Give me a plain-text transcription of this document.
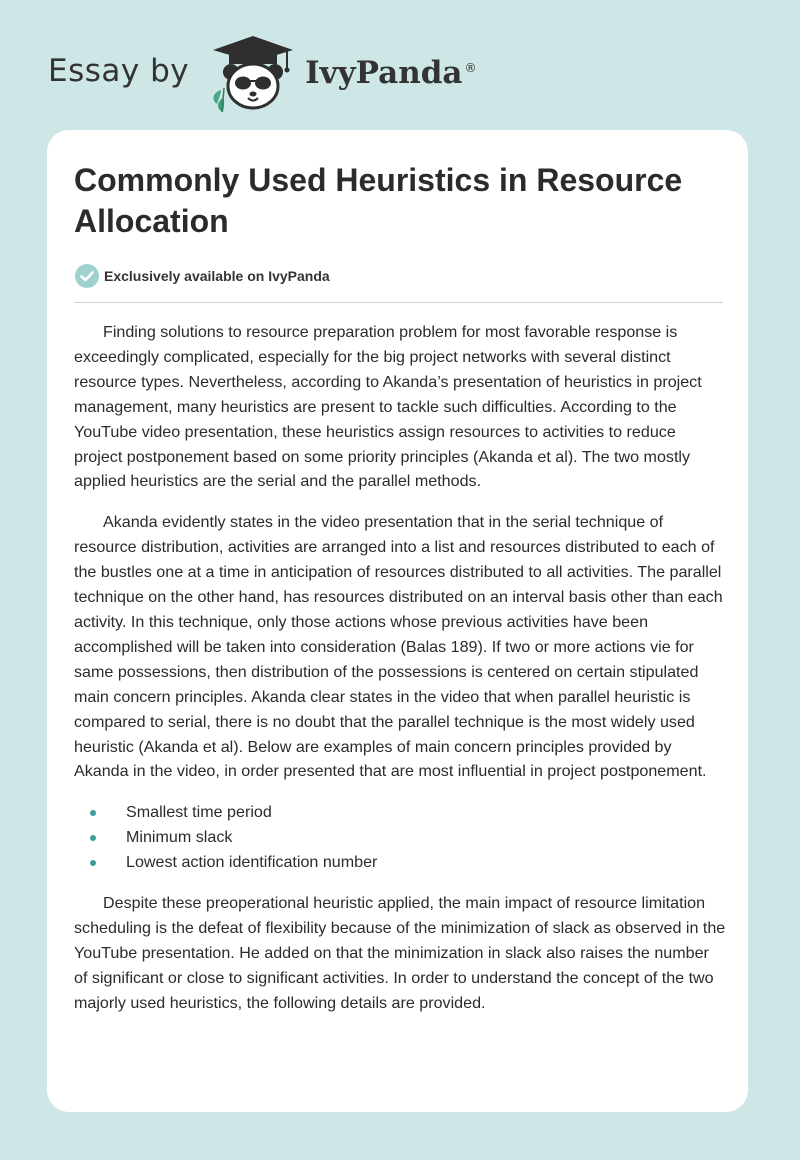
Essay by	IvyPanda ®
Commonly Used Heuristics in Resource Allocation
Exclusively available on IvyPanda

Finding solutions to resource preparation problem for most favorable response is exceedingly complicated, especially for the big project networks with several distinct resource types. Nevertheless, according to Akanda’s presentation of heuristics in project management, many heuristics are present to tackle such difficulties. According to the YouTube video presentation, these heuristics assign resources to activities to reduce project postponement based on some priority principles (Akanda et al). The two mostly applied heuristics are the serial and the parallel methods.

Akanda evidently states in the video presentation that in the serial technique of resource distribution, activities are arranged into a list and resources distributed to each of the bustles one at a time in anticipation of resources distributed to all activities. The parallel technique on the other hand, has resources distributed on an interval basis other than each activity. In this technique, only those actions whose previous activities have been accomplished will be taken into consideration (Balas 189). If two or more actions vie for same possessions, then distribution of the possessions is centered on certain stipulated main concern principles. Akanda clear states in the video that when parallel heuristic is compared to serial, there is no doubt that the parallel technique is the most widely used heuristic (Akanda et al). Below are examples of main concern principles provided by Akanda in the video, in order presented that are most influential in project postponement.

Smallest time period
Minimum slack
Lowest action identification number

Despite these preoperational heuristic applied, the main impact of resource limitation scheduling is the defeat of flexibility because of the minimization of slack as observed in the YouTube presentation. He added on that the minimization in slack also raises the number of significant or close to significant activities. In order to understand the concept of the two majorly used heuristics, the following details are provided.
